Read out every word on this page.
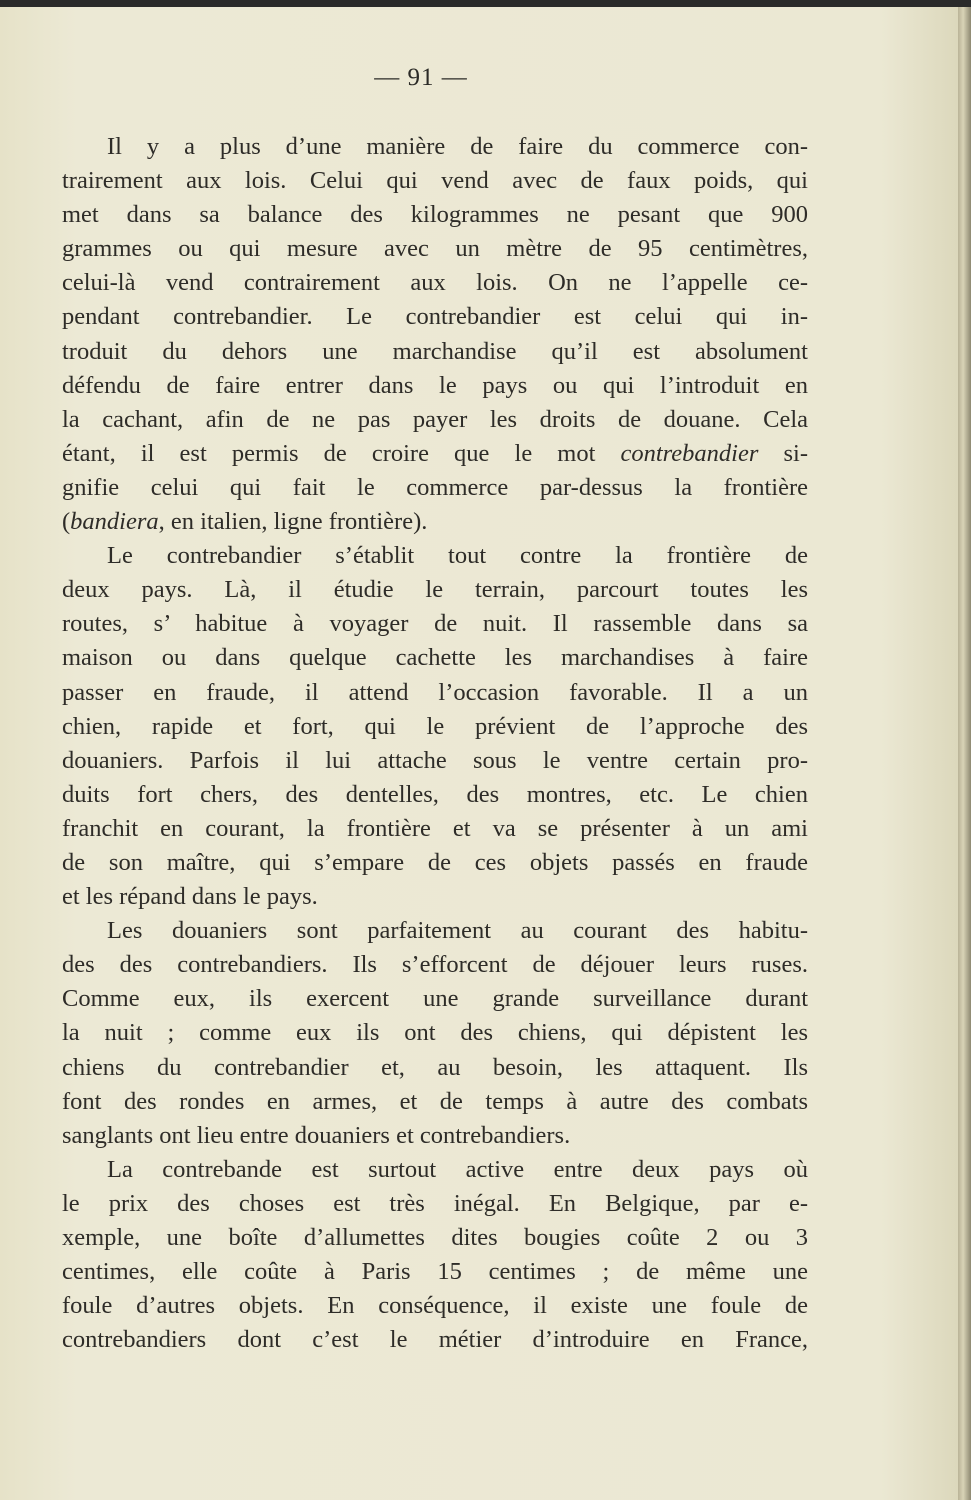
— 91 —
Il y a plus d’une manière de faire du commerce con-
trairement aux lois. Celui qui vend avec de faux poids, qui
met dans sa balance des kilogrammes ne pesant que 900
grammes ou qui mesure avec un mètre de 95 centimètres,
celui-là vend contrairement aux lois. On ne l’appelle ce-
pendant contrebandier. Le contrebandier est celui qui in-
troduit du dehors une marchandise qu’il est absolument
défendu de faire entrer dans le pays ou qui l’introduit en
la cachant, afin de ne pas payer les droits de douane. Cela
étant, il est permis de croire que le mot contrebandier si-
gnifie celui qui fait le commerce par-dessus la frontière
(bandiera, en italien, ligne frontière).
Le contrebandier s’établit tout contre la frontière de
deux pays. Là, il étudie le terrain, parcourt toutes les
routes, s’ habitue à voyager de nuit. Il rassemble dans sa
maison ou dans quelque cachette les marchandises à faire
passer en fraude, il attend l’occasion favorable. Il a un
chien, rapide et fort, qui le prévient de l’approche des
douaniers. Parfois il lui attache sous le ventre certain pro-
duits fort chers, des dentelles, des montres, etc. Le chien
franchit en courant, la frontière et va se présenter à un ami
de son maître, qui s’empare de ces objets passés en fraude
et les répand dans le pays.
Les douaniers sont parfaitement au courant des habitu-
des des contrebandiers. Ils s’efforcent de déjouer leurs ruses.
Comme eux, ils exercent une grande surveillance durant
la nuit ; comme eux ils ont des chiens, qui dépistent les
chiens du contrebandier et, au besoin, les attaquent. Ils
font des rondes en armes, et de temps à autre des combats
sanglants ont lieu entre douaniers et contrebandiers.
La contrebande est surtout active entre deux pays où
le prix des choses est très inégal. En Belgique, par e-
xemple, une boîte d’allumettes dites bougies coûte 2 ou 3
centimes, elle coûte à Paris 15 centimes ; de même une
foule d’autres objets. En conséquence, il existe une foule de
contrebandiers dont c’est le métier d’introduire en France,
